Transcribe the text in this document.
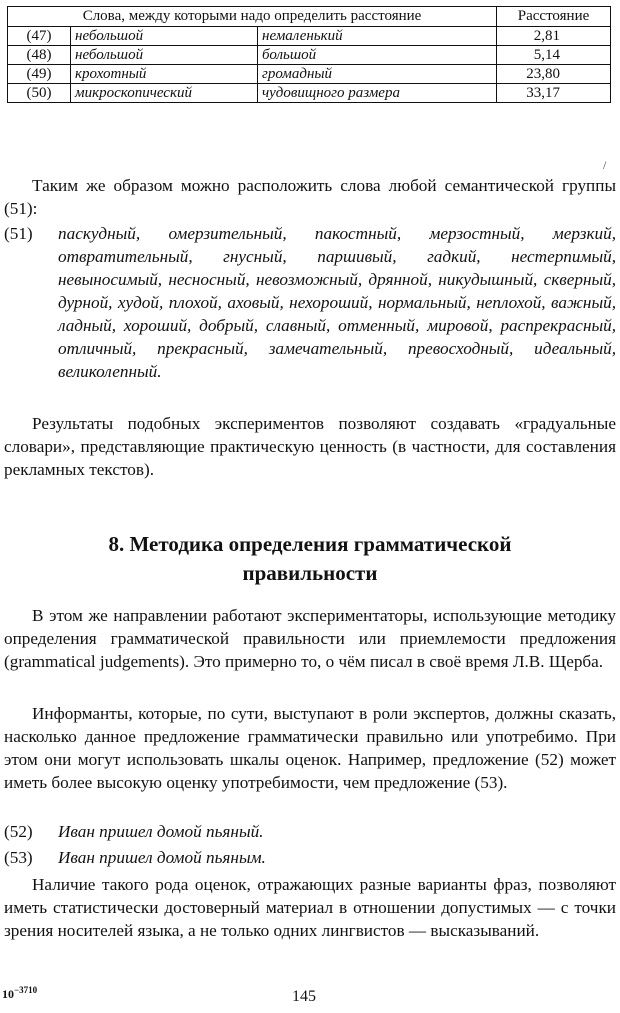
Слова, между которыми надо определить расстояние			Расстояние
(47)	небольшой	немаленький	2,81
(48)	небольшой	большой	5,14
(49)	крохотный	громадный	23,80
(50)	микроскопический	чудовищного размера	33,17

Таким же образом можно расположить слова любой семантической группы (51):

(51) паскудный, омерзительный, пакостный, мерзостный, мерзкий, отвратительный, гнусный, паршивый, гадкий, нестерпимый, невыносимый, несносный, невозможный, дрянной, никудышный, скверный, дурной, худой, плохой, аховый, нехороший, нормальный, неплохой, важный, ладный, хороший, добрый, славный, отменный, мировой, распрекрасный, отличный, прекрасный, замечательный, превосходный, идеальный, великолепный.

Результаты подобных экспериментов позволяют создавать «градуальные словари», представляющие практическую ценность (в частности, для составления рекламных текстов).

8. Методика определения грамматической
правильности

В этом же направлении работают экспериментаторы, использующие методику определения грамматической правильности или приемлемости предложения (grammatical judgements). Это примерно то, о чём писал в своё время Л.В. Щерба.

Информанты, которые, по сути, выступают в роли экспертов, должны сказать, насколько данное предложение грамматически правильно или употребимо. При этом они могут использовать шкалы оценок. Например, предложение (52) может иметь более высокую оценку употребимости, чем предложение (53).

(52) Иван пришел домой пьяный.
(53) Иван пришел домой пьяным.

Наличие такого рода оценок, отражающих разные варианты фраз, позволяют иметь статистически достоверный материал в отношении допустимых — с точки зрения носителей языка, а не только одних лингвистов — высказываний.

$10^{-3710}$	145
/
